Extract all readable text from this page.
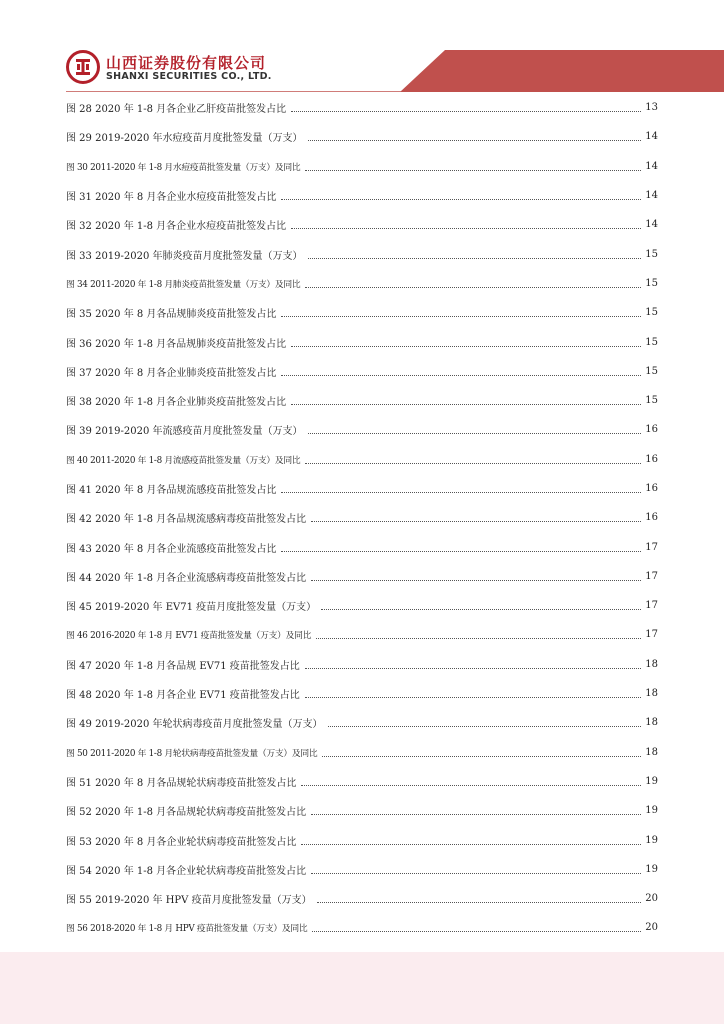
山西证券股份有限公司
SHANXI SECURITIES CO., LTD.
图 28 2020 年 1-8 月各企业乙肝疫苗批签发占比	13
图 29 2019-2020 年水痘疫苗月度批签发量（万支）	14
图 30 2011-2020 年 1-8 月水痘疫苗批签发量（万支）及同比	14
图 31 2020 年 8 月各企业水痘疫苗批签发占比	14
图 32 2020 年 1-8 月各企业水痘疫苗批签发占比	14
图 33 2019-2020 年肺炎疫苗月度批签发量（万支）	15
图 34 2011-2020 年 1-8 月肺炎疫苗批签发量（万支）及同比	15
图 35 2020 年 8 月各品规肺炎疫苗批签发占比	15
图 36 2020 年 1-8 月各品规肺炎疫苗批签发占比	15
图 37 2020 年 8 月各企业肺炎疫苗批签发占比	15
图 38 2020 年 1-8 月各企业肺炎疫苗批签发占比	15
图 39 2019-2020 年流感疫苗月度批签发量（万支）	16
图 40 2011-2020 年 1-8 月流感疫苗批签发量（万支）及同比	16
图 41 2020 年 8 月各品规流感疫苗批签发占比	16
图 42 2020 年 1-8 月各品规流感病毒疫苗批签发占比	16
图 43 2020 年 8 月各企业流感疫苗批签发占比	17
图 44 2020 年 1-8 月各企业流感病毒疫苗批签发占比	17
图 45 2019-2020 年 EV71 疫苗月度批签发量（万支）	17
图 46 2016-2020 年 1-8 月 EV71 疫苗批签发量（万支）及同比	17
图 47 2020 年 1-8 月各品规 EV71 疫苗批签发占比	18
图 48 2020 年 1-8 月各企业 EV71 疫苗批签发占比	18
图 49 2019-2020 年轮状病毒疫苗月度批签发量（万支）	18
图 50 2011-2020 年 1-8 月轮状病毒疫苗批签发量（万支）及同比	18
图 51 2020 年 8 月各品规轮状病毒疫苗批签发占比	19
图 52 2020 年 1-8 月各品规轮状病毒疫苗批签发占比	19
图 53 2020 年 8 月各企业轮状病毒疫苗批签发占比	19
图 54 2020 年 1-8 月各企业轮状病毒疫苗批签发占比	19
图 55 2019-2020 年 HPV 疫苗月度批签发量（万支）	20
图 56 2018-2020 年 1-8 月 HPV 疫苗批签发量（万支）及同比	20
